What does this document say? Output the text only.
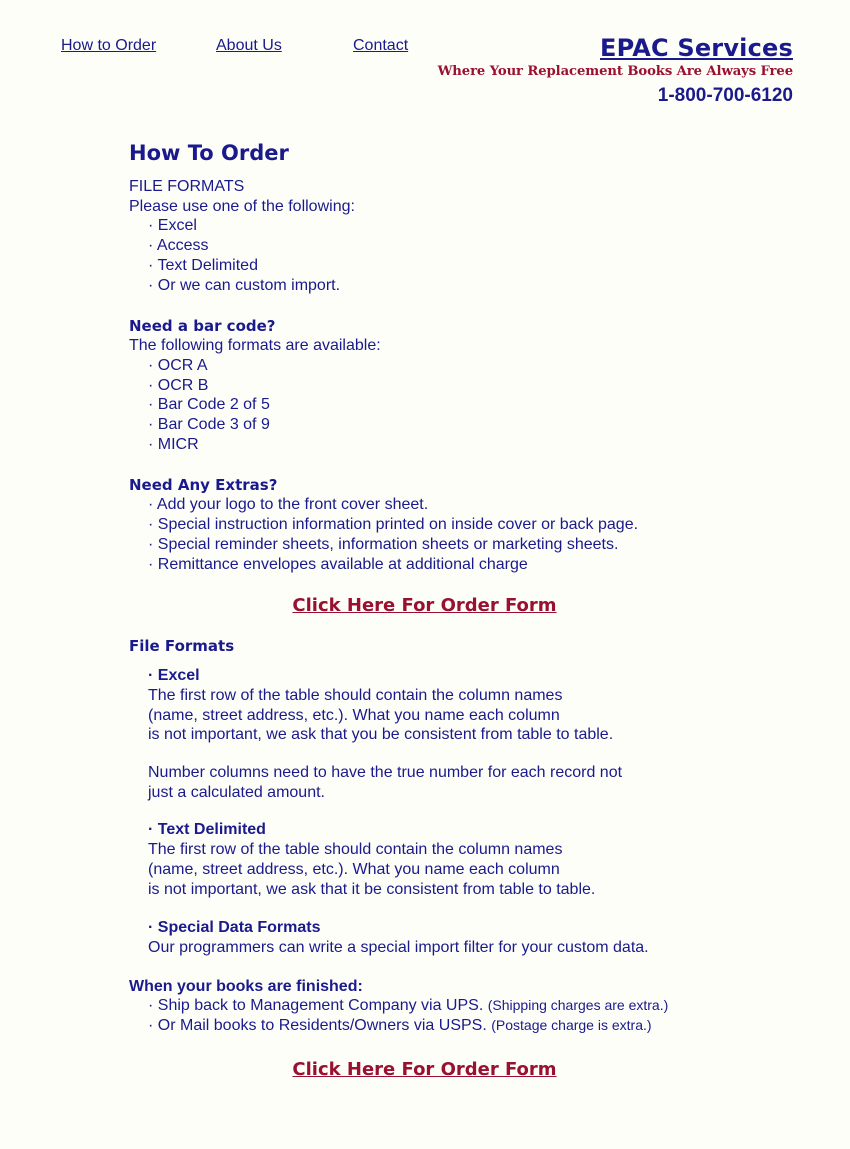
How to Order	About Us	Contact	EPAC Services
Where Your Replacement Books Are Always Free
1-800-700-6120
How To Order
FILE FORMATS
Please use one of the following:
· Excel
· Access
· Text Delimited
· Or we can custom import.
Need a bar code?
The following formats are available:
· OCR A
· OCR B
· Bar Code 2 of 5
· Bar Code 3 of 9
· MICR
Need Any Extras?
· Add your logo to the front cover sheet.
· Special instruction information printed on inside cover or back page.
· Special reminder sheets, information sheets or marketing sheets.
· Remittance envelopes available at additional charge
Click Here For Order Form
File Formats
· Excel
The first row of the table should contain the column names
(name, street address, etc.). What you name each column
is not important, we ask that you be consistent from table to table.
Number columns need to have the true number for each record not
just a calculated amount.
· Text Delimited
The first row of the table should contain the column names
(name, street address, etc.). What you name each column
is not important, we ask that it be consistent from table to table.
· Special Data Formats
Our programmers can write a special import filter for your custom data.
When your books are finished:
· Ship back to Management Company via UPS. (Shipping charges are extra.)
· Or Mail books to Residents/Owners via USPS. (Postage charge is extra.)
Click Here For Order Form
